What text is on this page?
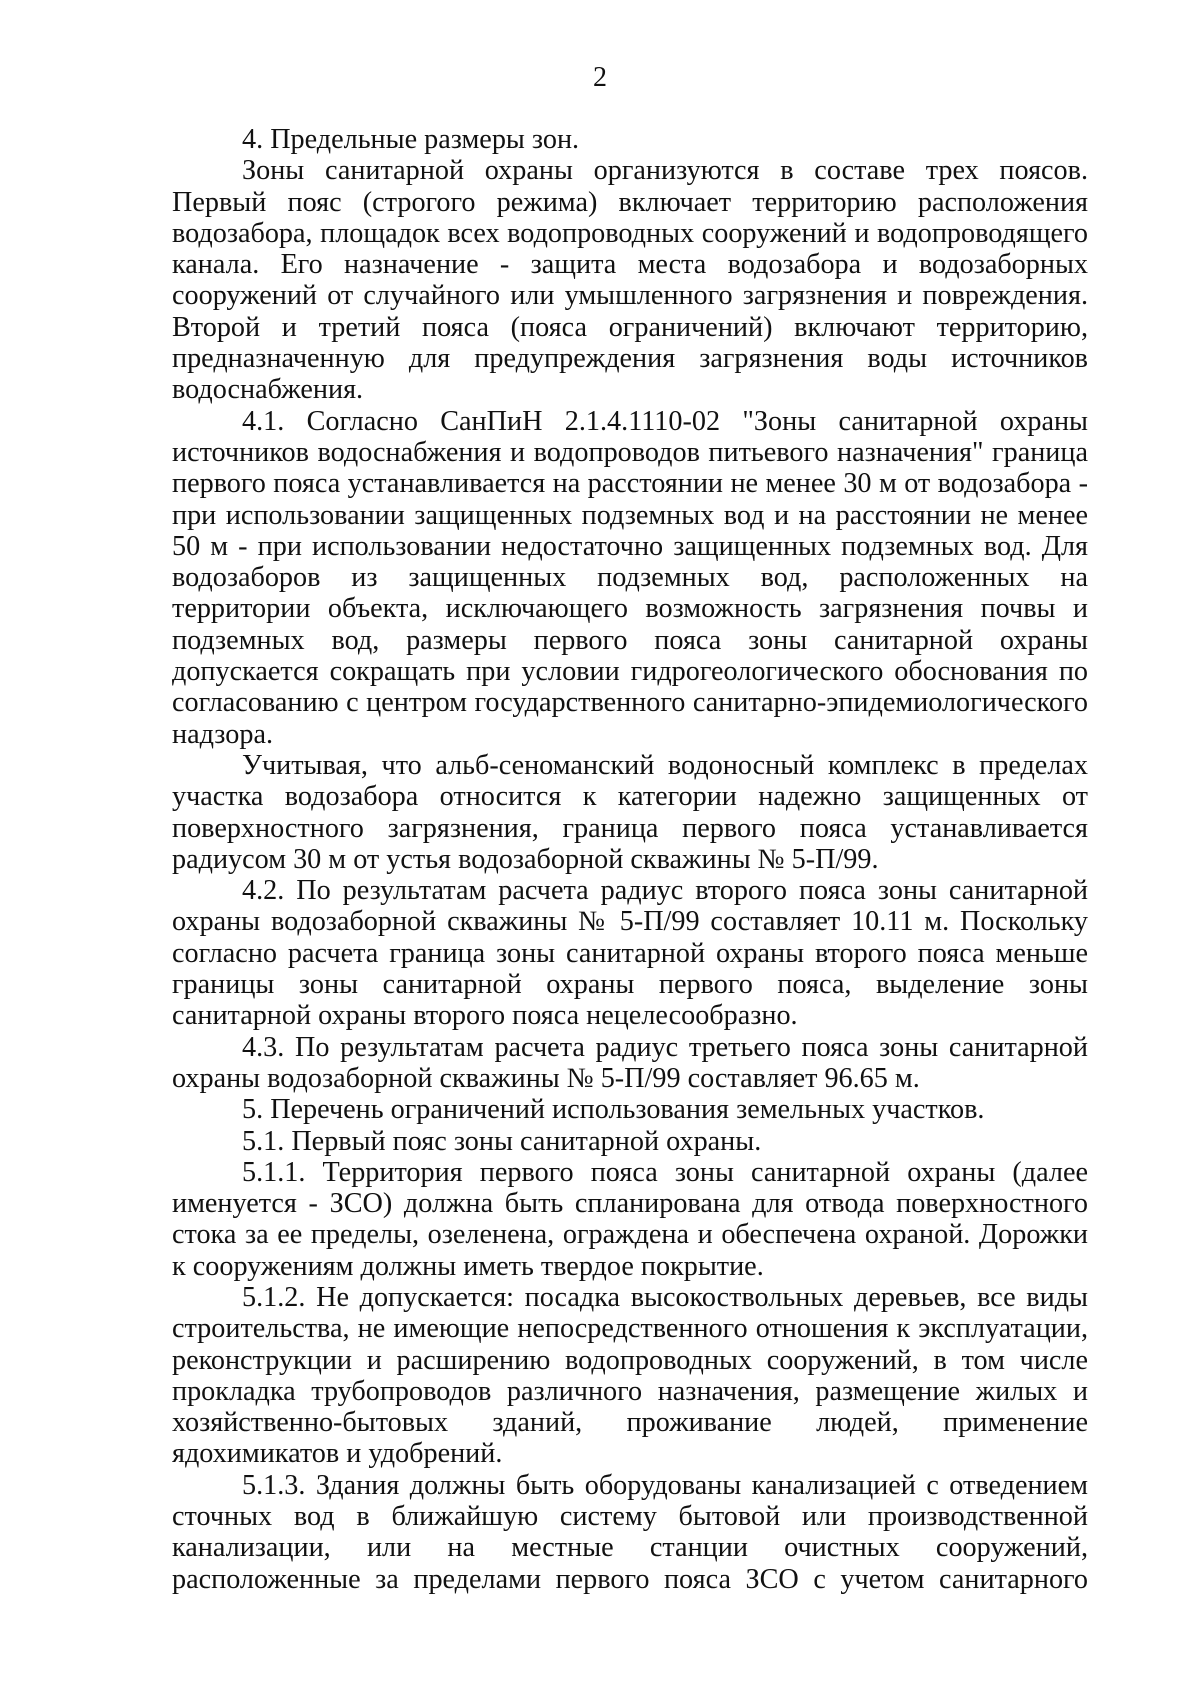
2

4. Предельные размеры зон.

Зоны санитарной охраны организуются в составе трех поясов. Первый пояс (строгого режима) включает территорию расположения водозабора, площадок всех водопроводных сооружений и водопроводящего канала. Его назначение - защита места водозабора и водозаборных сооружений от случайного или умышленного загрязнения и повреждения. Второй и третий пояса (пояса ограничений) включают территорию, предназначенную для предупреждения загрязнения воды источников водоснабжения.

4.1. Согласно СанПиН 2.1.4.1110-02 "Зоны санитарной охраны источников водоснабжения и водопроводов питьевого назначения" граница первого пояса устанавливается на расстоянии не менее 30 м от водозабора - при использовании защищенных подземных вод и на расстоянии не менее 50 м - при использовании недостаточно защищенных подземных вод. Для водозаборов из защищенных подземных вод, расположенных на территории объекта, исключающего возможность загрязнения почвы и подземных вод, размеры первого пояса зоны санитарной охраны допускается сокращать при условии гидрогеологического обоснования по согласованию с центром государственного санитарно-эпидемиологического надзора.

Учитывая, что альб-сеноманский водоносный комплекс в пределах участка водозабора относится к категории надежно защищенных от поверхностного загрязнения, граница первого пояса устанавливается радиусом 30 м от устья водозаборной скважины № 5-П/99.

4.2. По результатам расчета радиус второго пояса зоны санитарной охраны водозаборной скважины № 5-П/99 составляет 10.11 м. Поскольку согласно расчета граница зоны санитарной охраны второго пояса меньше границы зоны санитарной охраны первого пояса, выделение зоны санитарной охраны второго пояса нецелесообразно.

4.3. По результатам расчета радиус третьего пояса зоны санитарной охраны водозаборной скважины № 5-П/99 составляет 96.65 м.

5. Перечень ограничений использования земельных участков.

5.1. Первый пояс зоны санитарной охраны.

5.1.1. Территория первого пояса зоны санитарной охраны (далее именуется - ЗСО) должна быть спланирована для отвода поверхностного стока за ее пределы, озеленена, ограждена и обеспечена охраной. Дорожки к сооружениям должны иметь твердое покрытие.

5.1.2. Не допускается: посадка высокоствольных деревьев, все виды строительства, не имеющие непосредственного отношения к эксплуатации, реконструкции и расширению водопроводных сооружений, в том числе прокладка трубопроводов различного назначения, размещение жилых и хозяйственно-бытовых зданий, проживание людей, применение ядохимикатов и удобрений.

5.1.3. Здания должны быть оборудованы канализацией с отведением сточных вод в ближайшую систему бытовой или производственной канализации, или на местные станции очистных сооружений, расположенные за пределами первого пояса ЗСО с учетом санитарного
